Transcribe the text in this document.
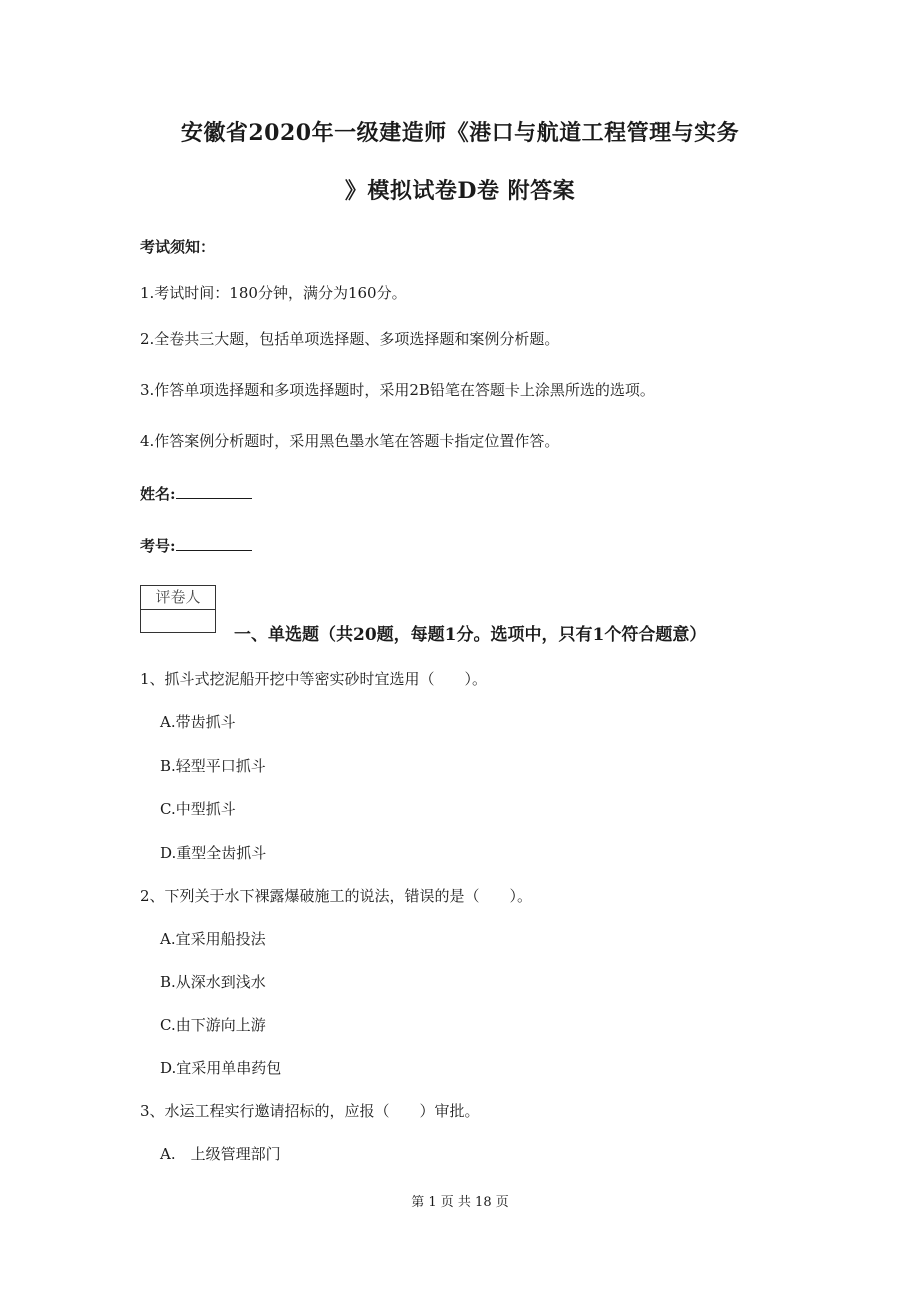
安徽省2020年一级建造师《港口与航道工程管理与实务
》模拟试卷D卷 附答案
考试须知：
1.考试时间：180分钟，满分为160分。
2.全卷共三大题，包括单项选择题、多项选择题和案例分析题。
3.作答单项选择题和多项选择题时，采用2B铅笔在答题卡上涂黑所选的选项。
4.作答案例分析题时，采用黑色墨水笔在答题卡指定位置作答。
姓名:
考号:
评卷人
一、单选题（共20题，每题1分。选项中，只有1个符合题意）
1、抓斗式挖泥船开挖中等密实砂时宜选用（　　）。
A.带齿抓斗
B.轻型平口抓斗
C.中型抓斗
D.重型全齿抓斗
2、下列关于水下裸露爆破施工的说法，错误的是（　　）。
A.宜采用船投法
B.从深水到浅水
C.由下游向上游
D.宜采用单串药包
3、水运工程实行邀请招标的，应报（　　）审批。
A.　上级管理部门
第 1 页 共 18 页
